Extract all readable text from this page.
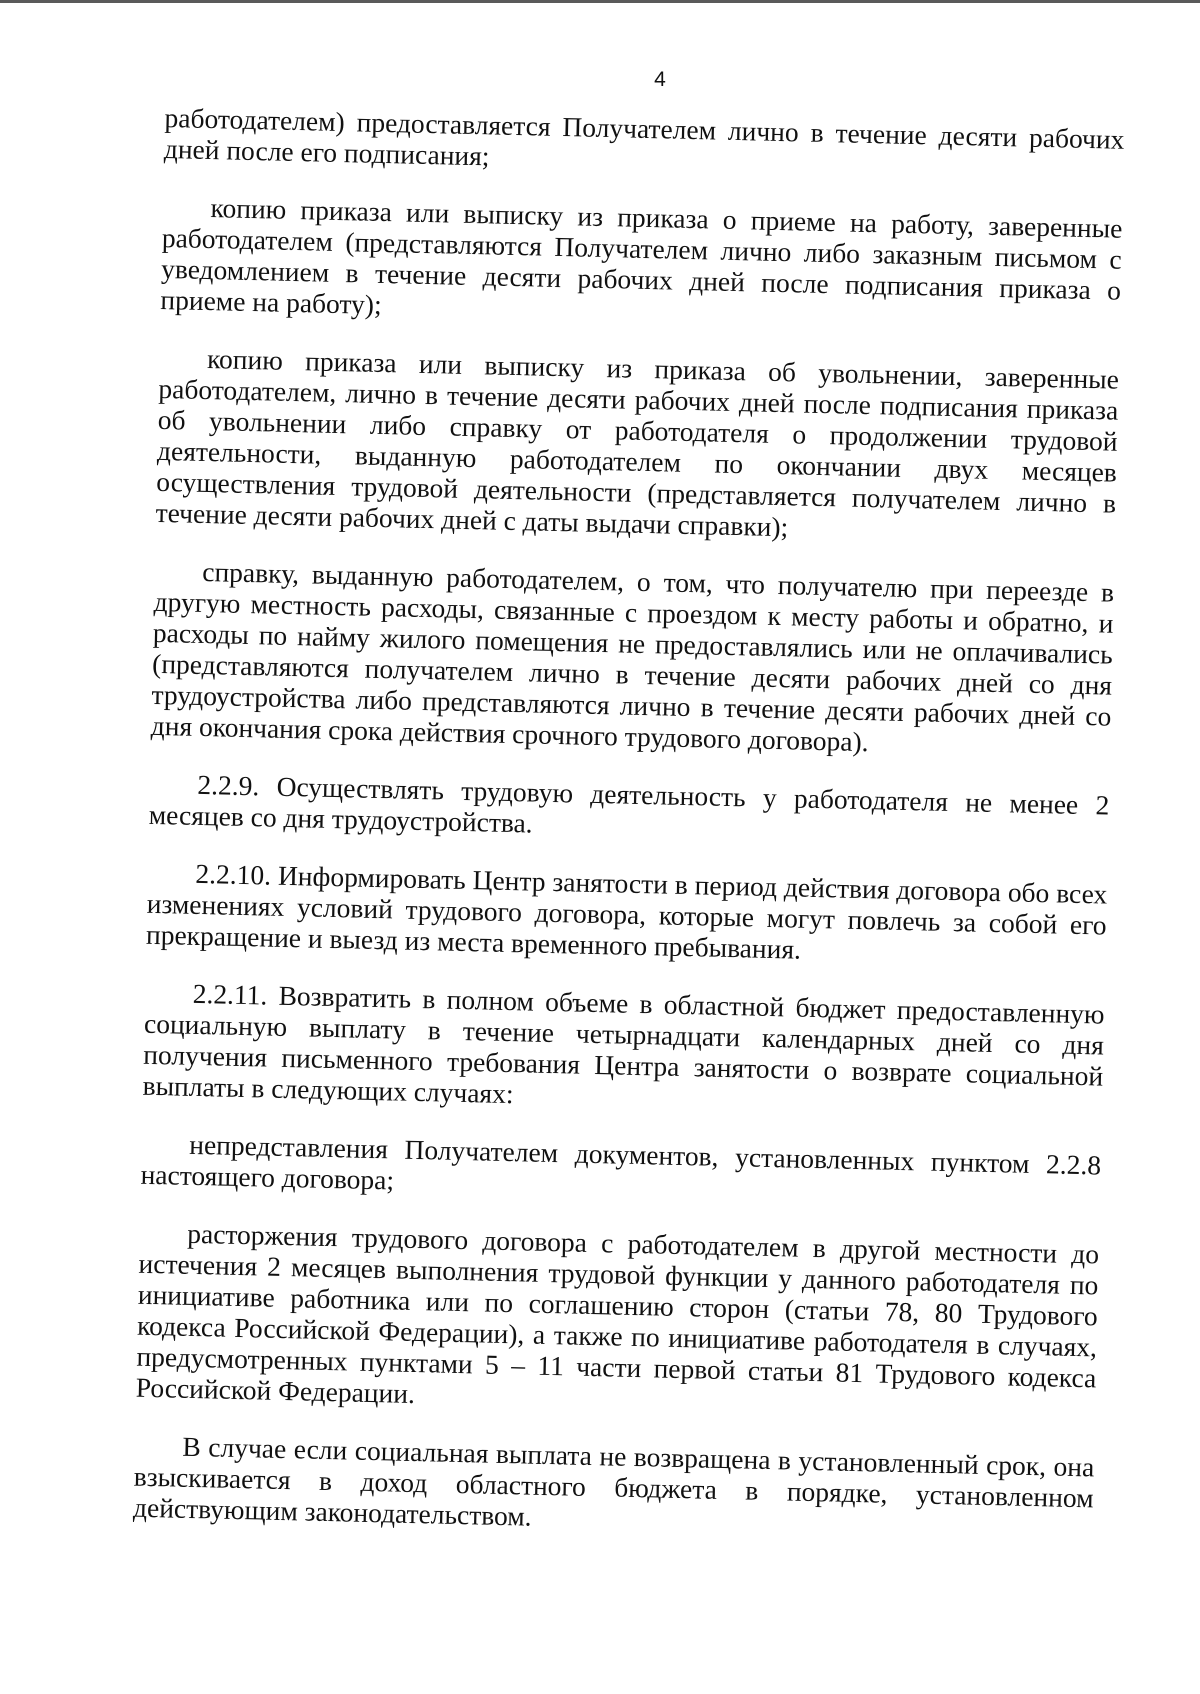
4

работодателем) предоставляется Получателем лично в течение десяти рабочих дней после его подписания;

копию приказа или выписку из приказа о приеме на работу, заверенные работодателем (представляются Получателем лично либо заказным письмом с уведомлением в течение десяти рабочих дней после подписания приказа о приеме на работу);

копию приказа или выписку из приказа об увольнении, заверенные работодателем, лично в течение десяти рабочих дней после подписания приказа об увольнении либо справку от работодателя о продолжении трудовой деятельности, выданную работодателем по окончании двух месяцев осуществления трудовой деятельности (представляется получателем лично в течение десяти рабочих дней с даты выдачи справки);

справку, выданную работодателем, о том, что получателю при переезде в другую местность расходы, связанные с проездом к месту работы и обратно, и расходы по найму жилого помещения не предоставлялись или не оплачивались (представляются получателем лично в течение десяти рабочих дней со дня трудоустройства либо представляются лично в течение десяти рабочих дней со дня окончания срока действия срочного трудового договора).

2.2.9. Осуществлять трудовую деятельность у работодателя не менее 2 месяцев со дня трудоустройства.

2.2.10. Информировать Центр занятости в период действия договора обо всех изменениях условий трудового договора, которые могут повлечь за собой его прекращение и выезд из места временного пребывания.

2.2.11. Возвратить в полном объеме в областной бюджет предоставленную социальную выплату в течение четырнадцати календарных дней со дня получения письменного требования Центра занятости о возврате социальной выплаты в следующих случаях:

непредставления Получателем документов, установленных пунктом 2.2.8 настоящего договора;

расторжения трудового договора с работодателем в другой местности до истечения 2 месяцев выполнения трудовой функции у данного работодателя по инициативе работника или по соглашению сторон (статьи 78, 80 Трудового кодекса Российской Федерации), а также по инициативе работодателя в случаях, предусмотренных пунктами 5 – 11 части первой статьи 81 Трудового кодекса Российской Федерации.

В случае если социальная выплата не возвращена в установленный срок, она взыскивается в доход областного бюджета в порядке, установленном действующим законодательством.
